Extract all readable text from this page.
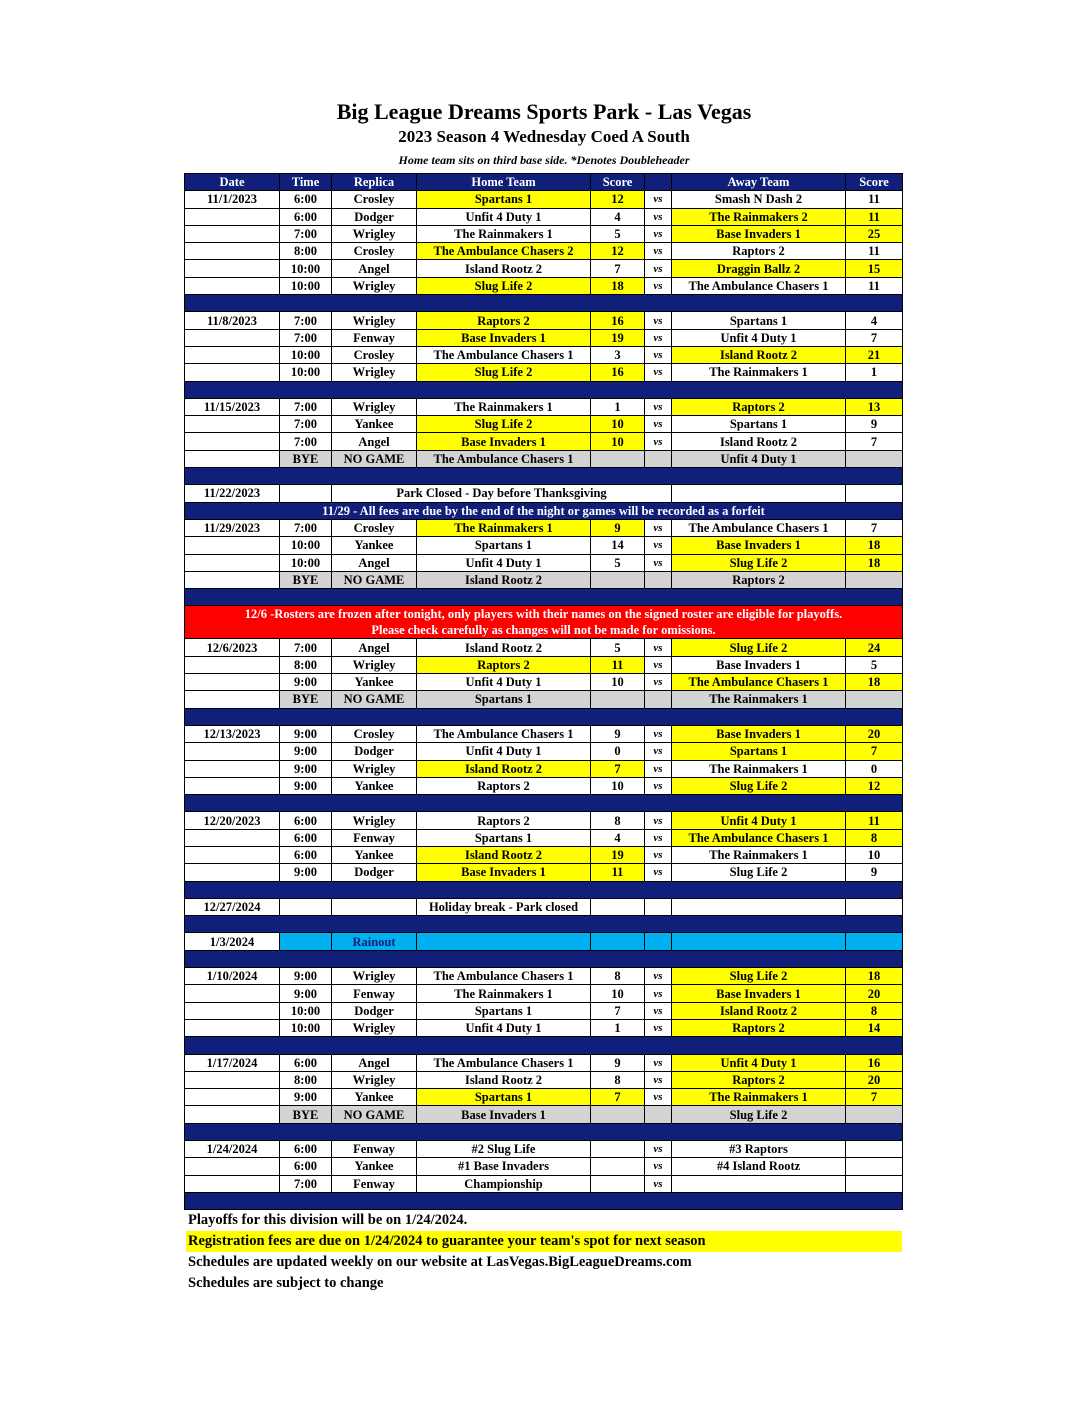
Big League Dreams Sports Park - Las Vegas
2023 Season 4 Wednesday Coed A South
Home team sits on third base side. *Denotes Doubleheader
Date	Time	Replica	Home Team	Score		Away Team	Score	
11/1/2023	6:00	Crosley	Spartans 1	12	vs	Smash N Dash 2	11	
	6:00	Dodger	Unfit 4 Duty 1	4	vs	The Rainmakers 2	11	
	7:00	Wrigley	The Rainmakers 1	5	vs	Base Invaders 1	25	
	8:00	Crosley	The Ambulance Chasers 2	12	vs	Raptors 2	11	
	10:00	Angel	Island Rootz 2	7	vs	Draggin Ballz 2	15	
	10:00	Wrigley	Slug Life 2	18	vs	The Ambulance Chasers 1	11	

11/8/2023	7:00	Wrigley	Raptors 2	16	vs	Spartans 1	4	
	7:00	Fenway	Base Invaders 1	19	vs	Unfit 4 Duty 1	7	
	10:00	Crosley	The Ambulance Chasers 1	3	vs	Island Rootz 2	21	
	10:00	Wrigley	Slug Life 2	16	vs	The Rainmakers 1	1	

11/15/2023	7:00	Wrigley	The Rainmakers 1	1	vs	Raptors 2	13	
	7:00	Yankee	Slug Life 2	10	vs	Spartans 1	9	
	7:00	Angel	Base Invaders 1	10	vs	Island Rootz 2	7	
	BYE	NO GAME	The Ambulance Chasers 1			Unfit 4 Duty 1		

11/22/2023		Park Closed - Day before Thanksgiving						
11/29 - All fees are due by the end of the night or games will be recorded as a forfeit								
11/29/2023	7:00	Crosley	The Rainmakers 1	9	vs	The Ambulance Chasers 1	7	
	10:00	Yankee	Spartans 1	14	vs	Base Invaders 1	18	
	10:00	Angel	Unfit 4 Duty 1	5	vs	Slug Life 2	18	
	BYE	NO GAME	Island Rootz 2			Raptors 2		

12/6 -Rosters are frozen after tonight, only players with their names on the signed roster are eligible for playoffs.
Please check carefully as changes will not be made for omissions.								

12/6/2023	7:00	Angel	Island Rootz 2	5	vs	Slug Life 2	24	
	8:00	Wrigley	Raptors 2	11	vs	Base Invaders 1	5	
	9:00	Yankee	Unfit 4 Duty 1	10	vs	The Ambulance Chasers 1	18	
	BYE	NO GAME	Spartans 1			The Rainmakers 1		

12/13/2023	9:00	Crosley	The Ambulance Chasers 1	9	vs	Base Invaders 1	20	
	9:00	Dodger	Unfit 4 Duty 1	0	vs	Spartans 1	7	
	9:00	Wrigley	Island Rootz 2	7	vs	The Rainmakers 1	0	
	9:00	Yankee	Raptors 2	10	vs	Slug Life 2	12	

12/20/2023	6:00	Wrigley	Raptors 2	8	vs	Unfit 4 Duty 1	11	
	6:00	Fenway	Spartans 1	4	vs	The Ambulance Chasers 1	8	
	6:00	Yankee	Island Rootz 2	19	vs	The Rainmakers 1	10	
	9:00	Dodger	Base Invaders 1	11	vs	Slug Life 2	9	

12/27/2024			Holiday break - Park closed					

1/3/2024		Rainout						

1/10/2024	9:00	Wrigley	The Ambulance Chasers 1	8	vs	Slug Life 2	18	
	9:00	Fenway	The Rainmakers 1	10	vs	Base Invaders 1	20	
	10:00	Dodger	Spartans 1	7	vs	Island Rootz 2	8	
	10:00	Wrigley	Unfit 4 Duty 1	1	vs	Raptors 2	14	

1/17/2024	6:00	Angel	The Ambulance Chasers 1	9	vs	Unfit 4 Duty 1	16	
	8:00	Wrigley	Island Rootz 2	8	vs	Raptors 2	20	
	9:00	Yankee	Spartans 1	7	vs	The Rainmakers 1	7	
	BYE	NO GAME	Base Invaders 1			Slug Life 2		

1/24/2024	6:00	Fenway	#2 Slug Life		vs	#3 Raptors		
	6:00	Yankee	#1 Base Invaders		vs	#4 Island Rootz		
	7:00	Fenway	Championship		vs			

Playoffs for this division will be on 1/24/2024.
Registration fees are due on 1/24/2024 to guarantee your team's spot for next season
Schedules are updated weekly on our website at LasVegas.BigLeagueDreams.com
Schedules are subject to change
